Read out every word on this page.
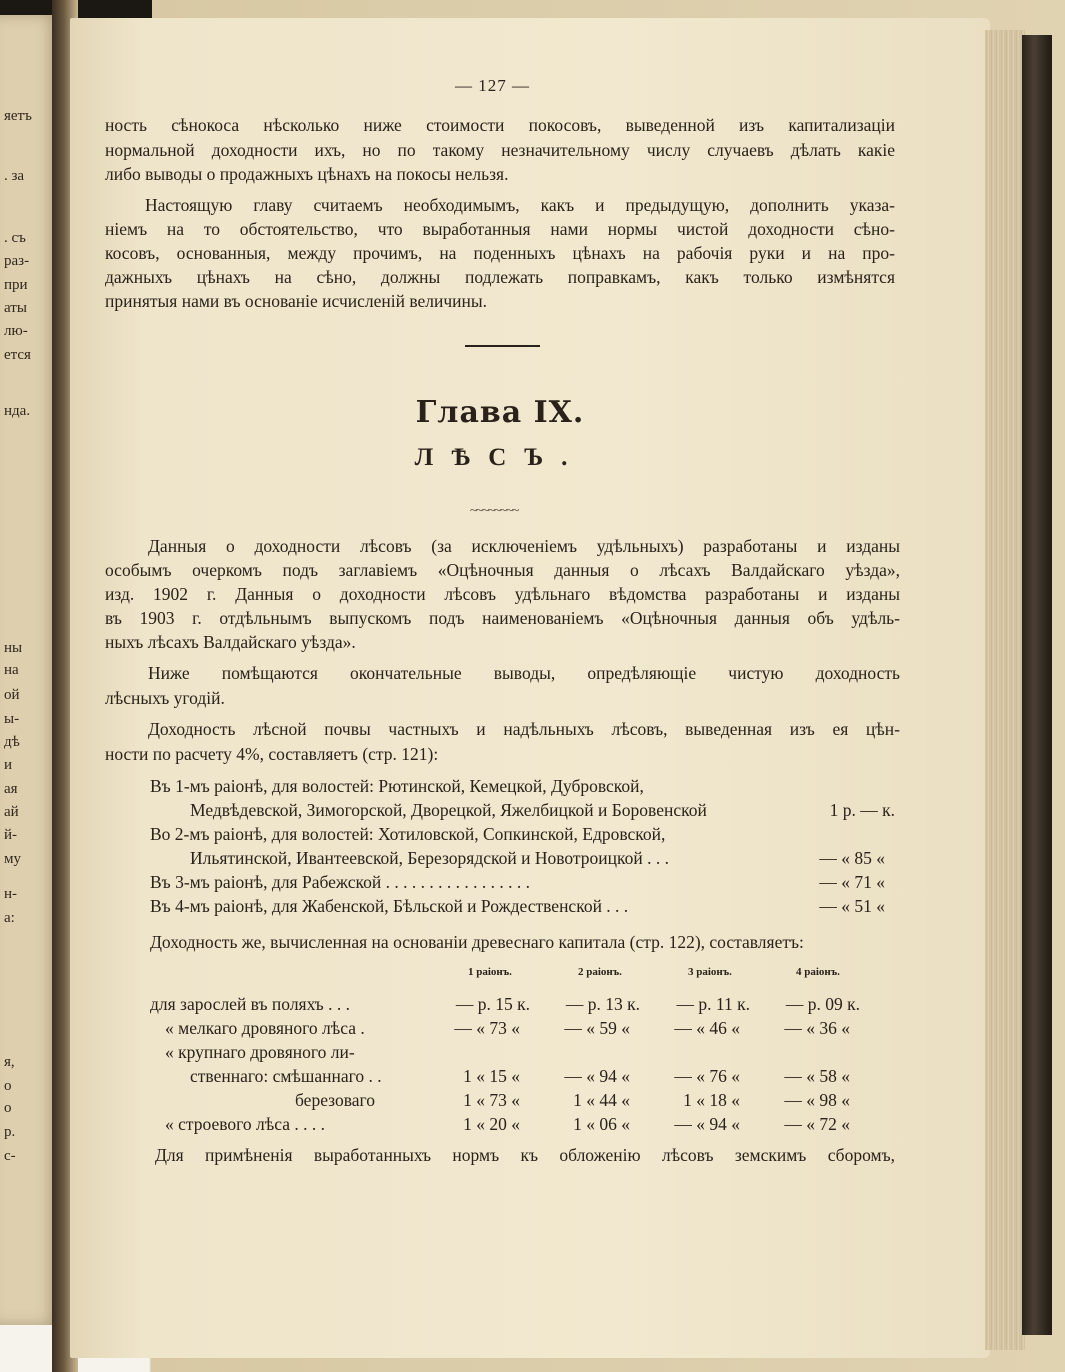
яетъ
. за
. съ
раз-
при
аты
лю-
ется
нда.
ны
на
ой
ы-
дѣ
и
ая
ай
й-
му
н-
а:
я,
о
о
р.
с-
— 127 —
ность сѣнокоса нѣсколько ниже стоимости покосовъ, выведенной изъ капитализаціи
нормальной доходности ихъ, но по такому незначительному числу случаевъ дѣлать какіе
либо выводы о продажныхъ цѣнахъ на покосы нельзя.
Настоящую главу считаемъ необходимымъ, какъ и предыдущую, дополнить указа-
ніемъ на то обстоятельство, что выработанныя нами нормы чистой доходности сѣно-
косовъ, основанныя, между прочимъ, на поденныхъ цѣнахъ на рабочія руки и на про-
дажныхъ цѣнахъ на сѣно, должны подлежать поправкамъ, какъ только измѣнятся
принятыя нами въ основаніе исчисленій величины.
Глава IX.
ЛѢСЪ.
~~~~~~~~
Данныя о доходности лѣсовъ (за исключеніемъ удѣльныхъ) разработаны и изданы
особымъ очеркомъ подъ заглавіемъ «Оцѣночныя данныя о лѣсахъ Валдайскаго уѣзда»,
изд. 1902 г. Данныя о доходности лѣсовъ удѣльнаго вѣдомства разработаны и изданы
въ 1903 г. отдѣльнымъ выпускомъ подъ наименованіемъ «Оцѣночныя данныя объ удѣль-
ныхъ лѣсахъ Валдайскаго уѣзда».
Ниже помѣщаются окончательные выводы, опредѣляющіе чистую доходность
лѣсныхъ угодій.
Доходность лѣсной почвы частныхъ и надѣльныхъ лѣсовъ, выведенная изъ ея цѣн-
ности по расчету 4%, составляетъ (стр. 121):
Въ 1-мъ раіонѣ, для волостей: Рютинской, Кемецкой, Дубровской,
Медвѣдевской, Зимогорской, Дворецкой, Яжелбицкой и Боровенской	1 р. — к.
Во 2-мъ раіонѣ, для волостей: Хотиловской, Сопкинской, Едровской,
Ильятинской, Ивантеевской, Березорядской и Новотроицкой . . .	— « 85 «
Въ 3-мъ раіонѣ, для Рабежской . . . . . . . . . . . . . . . . .	— « 71 «
Въ 4-мъ раіонѣ, для Жабенской, Бѣльской и Рождественской . . .	— « 51 «
Доходность же, вычисленная на основаніи древеснаго капитала (стр. 122), составляетъ:
1 раіонъ.	2 раіонъ.	3 раіонъ.	4 раіонъ.
для зарослей въ поляхъ . . .	— р. 15 к.	— р. 13 к.	— р. 11 к.	— р. 09 к.
« мелкаго дровяного лѣса .	— « 73 «	— « 59 «	— « 46 «	— « 36 «
« крупнаго дровяного ли-
ственнаго: смѣшаннаго . .	1 « 15 «	— « 94 «	— « 76 «	— « 58 «
березоваго	1 « 73 «	1 « 44 «	1 « 18 «	— « 98 «
« строевого лѣса . . . .	1 « 20 «	1 « 06 «	— « 94 «	— « 72 «
Для примѣненія выработанныхъ нормъ къ обложенію лѣсовъ земскимъ сборомъ,
